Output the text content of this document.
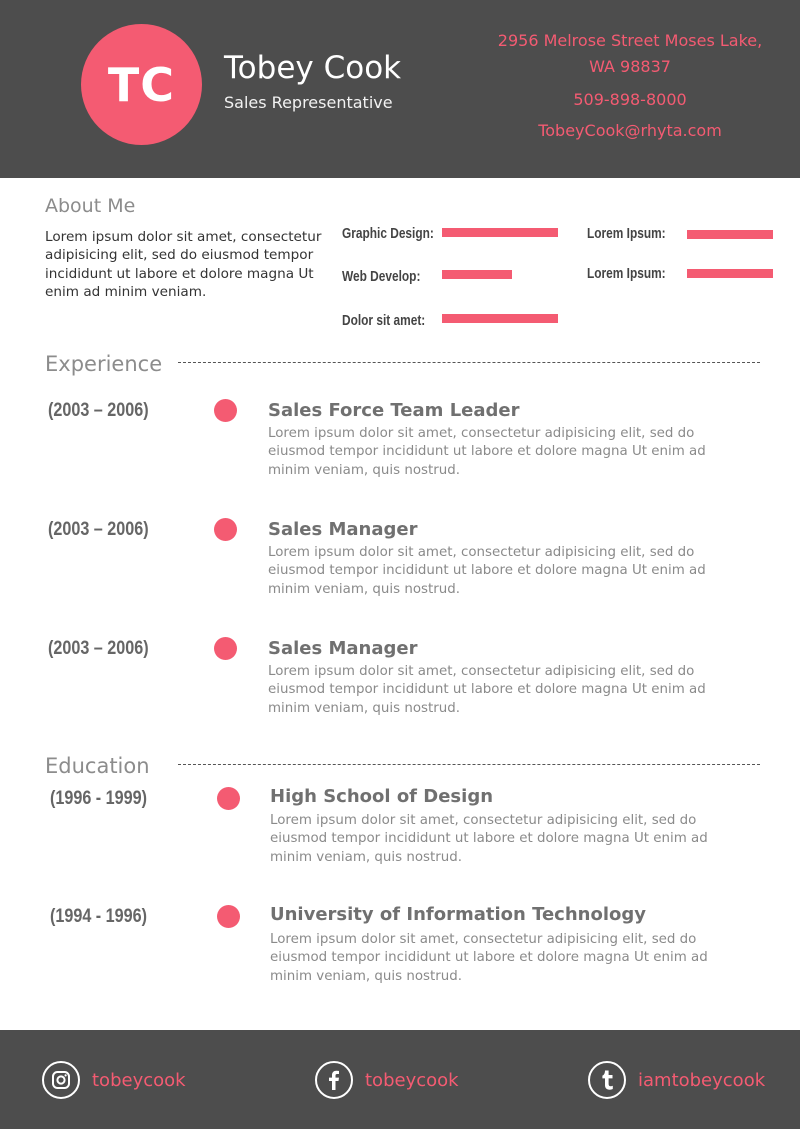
TC	Tobey Cook
Sales Representative
2956 Melrose Street Moses Lake,
WA 98837
509-898-8000
TobeyCook@rhyta.com
About Me
Lorem ipsum dolor sit amet, consectetur adipisicing elit, sed do eiusmod tempor incididunt ut labore et dolore magna Ut enim ad minim veniam.
Graphic Design:
Web Develop:
Dolor sit amet:
Lorem Ipsum:
Lorem Ipsum:
Experience
(2003 – 2006)	Sales Force Team Leader
Lorem ipsum dolor sit amet, consectetur adipisicing elit, sed do eiusmod tempor incididunt ut labore et dolore magna Ut enim ad minim veniam, quis nostrud.
(2003 – 2006)	Sales Manager
Lorem ipsum dolor sit amet, consectetur adipisicing elit, sed do eiusmod tempor incididunt ut labore et dolore magna Ut enim ad minim veniam, quis nostrud.
(2003 – 2006)	Sales Manager
Lorem ipsum dolor sit amet, consectetur adipisicing elit, sed do eiusmod tempor incididunt ut labore et dolore magna Ut enim ad minim veniam, quis nostrud.
Education
(1996 - 1999)	High School of Design
Lorem ipsum dolor sit amet, consectetur adipisicing elit, sed do eiusmod tempor incididunt ut labore et dolore magna Ut enim ad minim veniam, quis nostrud.
(1994 - 1996)	University of Information Technology
Lorem ipsum dolor sit amet, consectetur adipisicing elit, sed do eiusmod tempor incididunt ut labore et dolore magna Ut enim ad minim veniam, quis nostrud.
tobeycook	tobeycook	iamtobeycook
